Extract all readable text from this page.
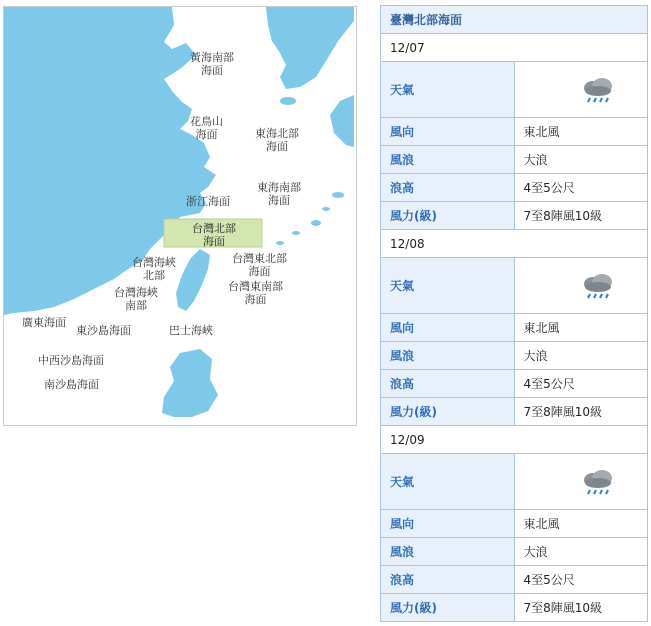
黃海南部
海面
花鳥山
海面	東海北部
海面
東海南部
海面
浙江海面
台灣北部
海面
台灣東北部
海面
台灣海峽
北部
台灣海峽
南部
台灣東南部
海面
廣東海面
東沙島海面	巴士海峽
中西沙島海面
南沙島海面
臺灣北部海面	
12/07	
天氣	
風向	東北風
風浪	大浪
浪高	4至5公尺
風力(級)	7至8陣風10級
12/08	
天氣	
風向	東北風
風浪	大浪
浪高	4至5公尺
風力(級)	7至8陣風10級
12/09	
天氣	
風向	東北風
風浪	大浪
浪高	4至5公尺
風力(級)	7至8陣風10級
